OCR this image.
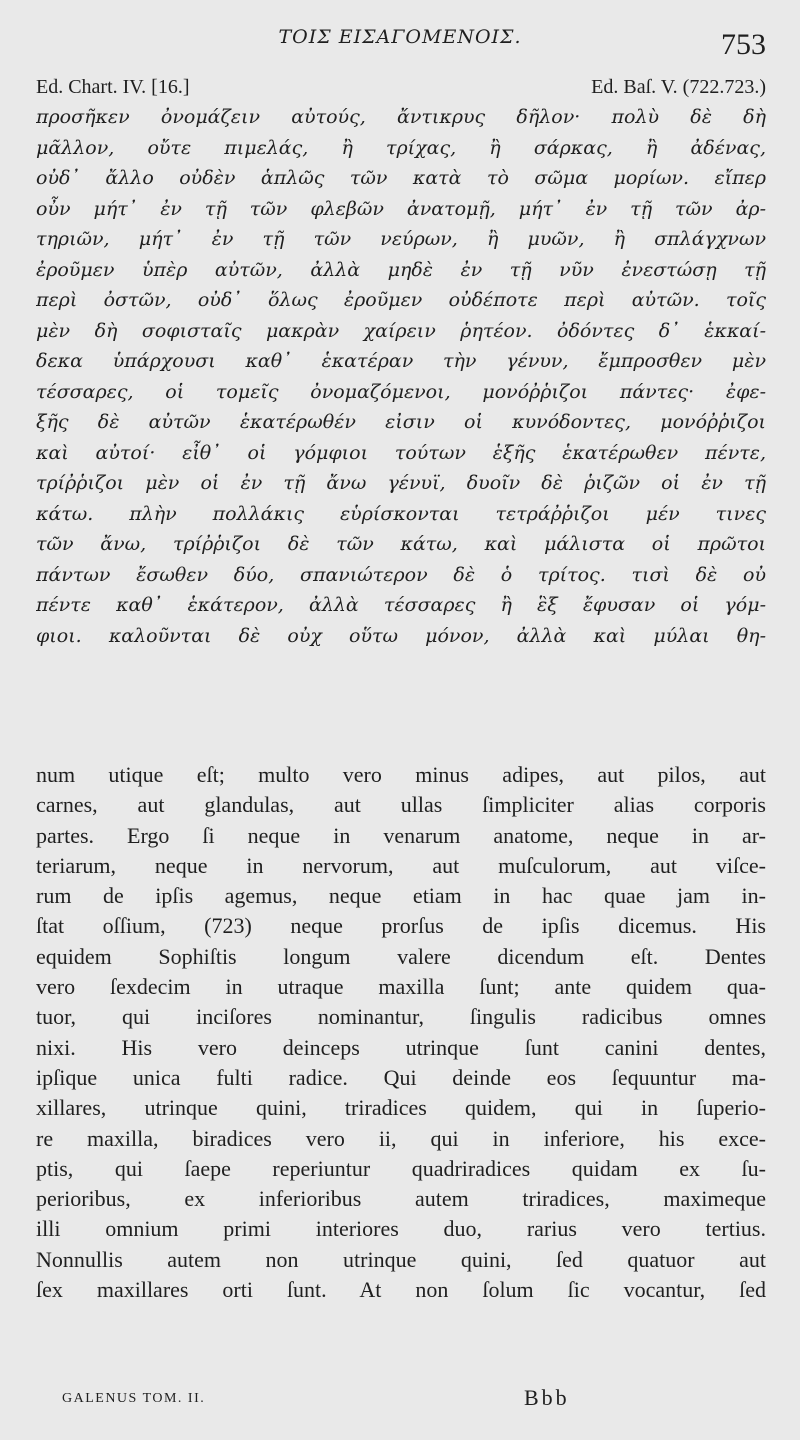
ΤΟΙΣ ΕΙΣΑΓΟΜΕΝΟΙΣ.	753
Ed. Chart. IV. [16.]	Ed. Baſ. V. (722.723.)
προσῆκεν ὀνομάζειν αὐτούς, ἄντικρυς δῆλον· πολὺ δὲ δὴ
μᾶλλον, οὔτε πιμελάς, ἢ τρίχας, ἢ σάρκας, ἢ ἀδένας,
οὐδ᾽ ἄλλο οὐδὲν ἁπλῶς τῶν κατὰ τὸ σῶμα μορίων. εἴπερ
οὖν μήτ᾽ ἐν τῇ τῶν φλεβῶν ἀνατομῇ, μήτ᾽ ἐν τῇ τῶν ἀρ-
τηριῶν, μήτ᾽ ἐν τῇ τῶν νεύρων, ἢ μυῶν, ἢ σπλάγχνων
ἐροῦμεν ὑπὲρ αὐτῶν, ἀλλὰ μηδὲ ἐν τῇ νῦν ἐνεστώσῃ τῇ
περὶ ὀστῶν, οὐδ᾽ ὅλως ἐροῦμεν οὐδέποτε περὶ αὐτῶν. τοῖς
μὲν δὴ σοφισταῖς μακρὰν χαίρειν ῥητέον. ὀδόντες δ᾽ ἑκκαί-
δεκα ὑπάρχουσι καθ᾽ ἑκατέραν τὴν γένυν, ἔμπροσθεν μὲν
τέσσαρες, οἱ τομεῖς ὀνομαζόμενοι, μονόῤῥιζοι πάντες· ἐφε-
ξῆς δὲ αὐτῶν ἑκατέρωθέν εἰσιν οἱ κυνόδοντες, μονόῤῥιζοι
καὶ αὐτοί· εἶθ᾽ οἱ γόμφιοι τούτων ἑξῆς ἑκατέρωθεν πέντε,
τρίῤῥιζοι μὲν οἱ ἐν τῇ ἄνω γένυϊ, δυοῖν δὲ ῥιζῶν οἱ ἐν τῇ
κάτω. πλὴν πολλάκις εὑρίσκονται τετράῤῥιζοι μέν τινες
τῶν ἄνω, τρίῤῥιζοι δὲ τῶν κάτω, καὶ μάλιστα οἱ πρῶτοι
πάντων ἔσωθεν δύο, σπανιώτερον δὲ ὁ τρίτος. τισὶ δὲ οὐ
πέντε καθ᾽ ἑκάτερον, ἀλλὰ τέσσαρες ἢ ἓξ ἔφυσαν οἱ γόμ-
φιοι. καλοῦνται δὲ οὐχ οὕτω μόνον, ἀλλὰ καὶ μύλαι θη-
num utique eſt; multo vero minus adipes, aut pilos, aut
carnes, aut glandulas, aut ullas ſimpliciter alias corporis
partes. Ergo ſi neque in venarum anatome, neque in ar-
teriarum, neque in nervorum, aut muſculorum, aut viſce-
rum de ipſis agemus, neque etiam in hac quae jam in-
ſtat oſſium, (723) neque prorſus de ipſis dicemus. His
equidem Sophiſtis longum valere dicendum eſt. Dentes
vero ſexdecim in utraque maxilla ſunt; ante quidem qua-
tuor, qui inciſores nominantur, ſingulis radicibus omnes
nixi. His vero deinceps utrinque ſunt canini dentes,
ipſique unica fulti radice. Qui deinde eos ſequuntur ma-
xillares, utrinque quini, triradices quidem, qui in ſuperio-
re maxilla, biradices vero ii, qui in inferiore, his exce-
ptis, qui ſaepe reperiuntur quadriradices quidam ex ſu-
perioribus, ex inferioribus autem triradices, maximeque
illi omnium primi interiores duo, rarius vero tertius.
Nonnullis autem non utrinque quini, ſed quatuor aut
ſex maxillares orti ſunt. At non ſolum ſic vocantur, ſed
GALENUS TOM. II.	Bbb
